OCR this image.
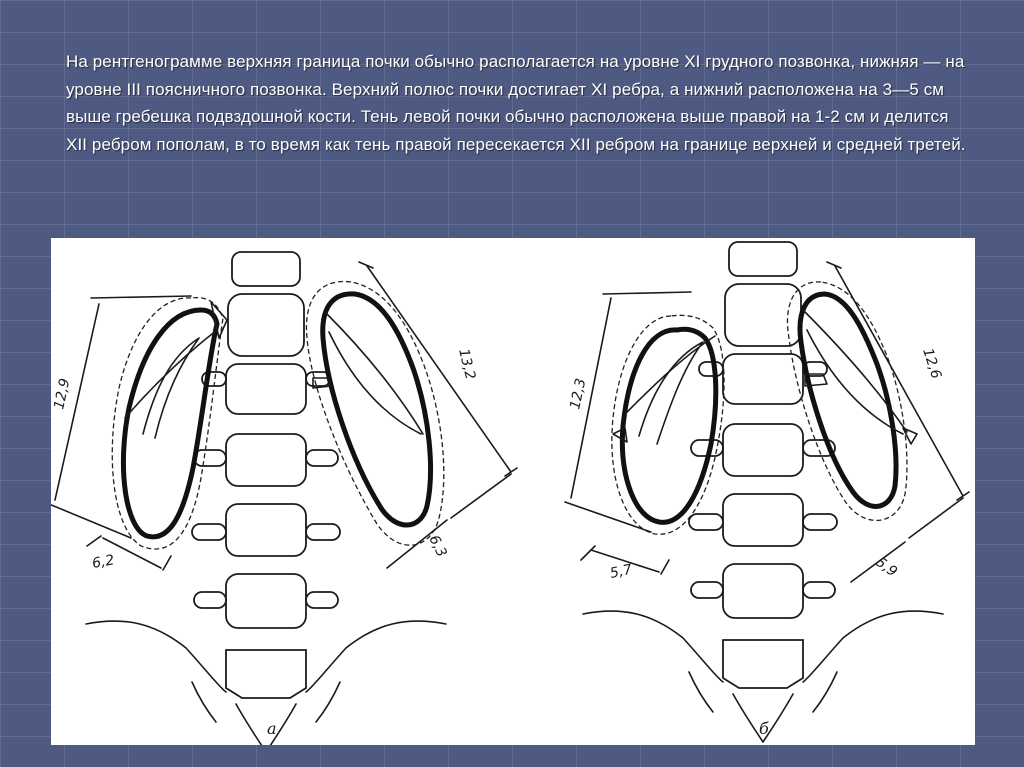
На рентгенограмме верхняя граница почки обычно располагается на уровне XI грудного позвонка, нижняя — на уровне III поясничного позвонка. Верхний полюс почки достигает XI ребра, а нижний расположена на 3—5 см выше гребешка подвздошной кости. Тень левой почки обычно расположена выше правой на 1-2 см и делится XII ребром пополам, в то время как тень правой пересекается XII ребром на границе верхней и средней третей.
12,9
6,2
13,2
6,3
а
12,3
5,7
12,6
5,9
б
